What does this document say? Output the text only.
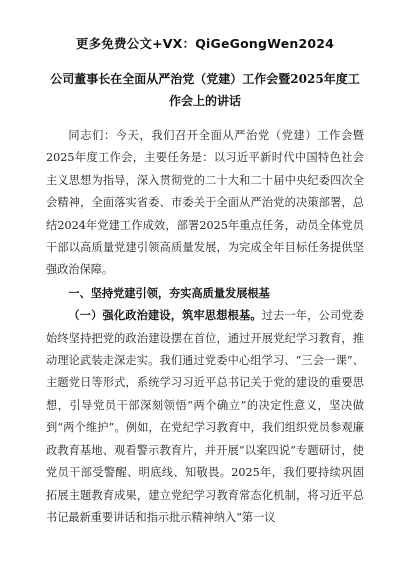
更多免费公文+VX：QiGeGongWen2024
公司董事长在全面从严治党（党建）工作会暨2025年度工作会上的讲话

同志们：今天，我们召开全面从严治党（党建）工作会暨2025年度工作会，主要任务是：以习近平新时代中国特色社会主义思想为指导，深入贯彻党的二十大和二十届中央纪委四次全会精神，全面落实省委、市委关于全面从严治党的决策部署，总结2024年党建工作成效，部署2025年重点任务，动员全体党员干部以高质量党建引领高质量发展，为完成全年目标任务提供坚强政治保障。

一、坚持党建引领，夯实高质量发展根基

（一）强化政治建设，筑牢思想根基。过去一年，公司党委始终坚持把党的政治建设摆在首位，通过开展党纪学习教育，推动理论武装走深走实。我们通过党委中心组学习、“三会一课”、主题党日等形式，系统学习习近平总书记关于党的建设的重要思想，引导党员干部深刻领悟“两个确立”的决定性意义，坚决做到“两个维护”。例如，在党纪学习教育中，我们组织党员参观廉政教育基地、观看警示教育片，并开展“以案四说”专题研讨，使党员干部受警醒、明底线、知敬畏。2025年，我们要持续巩固拓展主题教育成果，建立党纪学习教育常态化机制，将习近平总书记最新重要讲话和指示批示精神纳入“第一议
